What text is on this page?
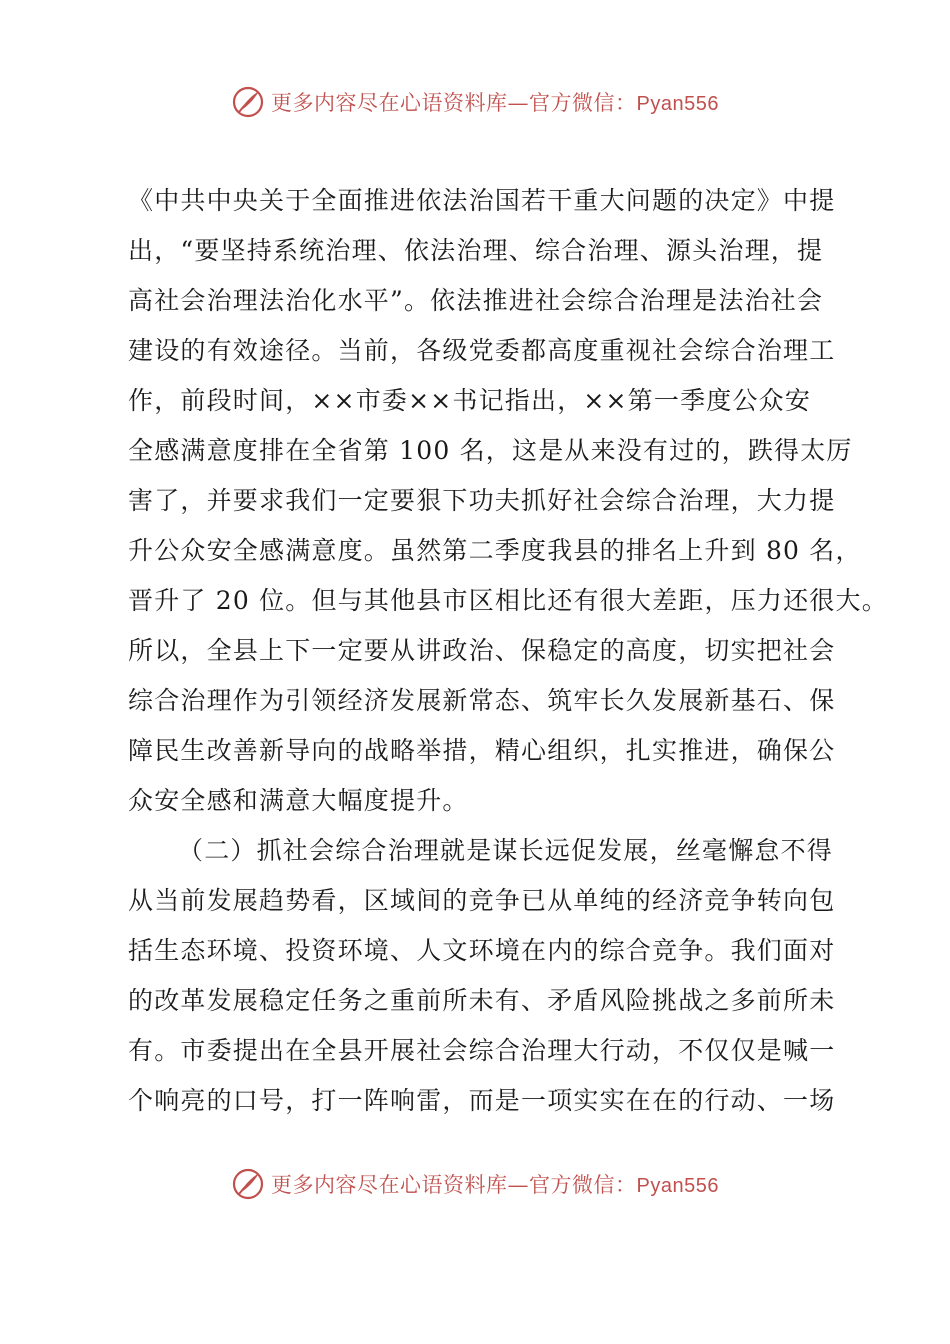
更多内容尽在心语资料库—官方微信：Pyan556
《中共中央关于全面推进依法治国若干重大问题的决定》中提
出，“要坚持系统治理、依法治理、综合治理、源头治理，提
高社会治理法治化水平”。依法推进社会综合治理是法治社会
建设的有效途径。当前，各级党委都高度重视社会综合治理工
作，前段时间，××市委××书记指出，××第一季度公众安
全感满意度排在全省第 100 名，这是从来没有过的，跌得太厉
害了，并要求我们一定要狠下功夫抓好社会综合治理，大力提
升公众安全感满意度。虽然第二季度我县的排名上升到 80 名，
晋升了 20 位。但与其他县市区相比还有很大差距，压力还很大。
所以，全县上下一定要从讲政治、保稳定的高度，切实把社会
综合治理作为引领经济发展新常态、筑牢长久发展新基石、保
障民生改善新导向的战略举措，精心组织，扎实推进，确保公
众安全感和满意大幅度提升。
（二）抓社会综合治理就是谋长远促发展，丝毫懈怠不得
从当前发展趋势看，区域间的竞争已从单纯的经济竞争转向包
括生态环境、投资环境、人文环境在内的综合竞争。我们面对
的改革发展稳定任务之重前所未有、矛盾风险挑战之多前所未
有。市委提出在全县开展社会综合治理大行动，不仅仅是喊一
个响亮的口号，打一阵响雷，而是一项实实在在的行动、一场
更多内容尽在心语资料库—官方微信：Pyan556
